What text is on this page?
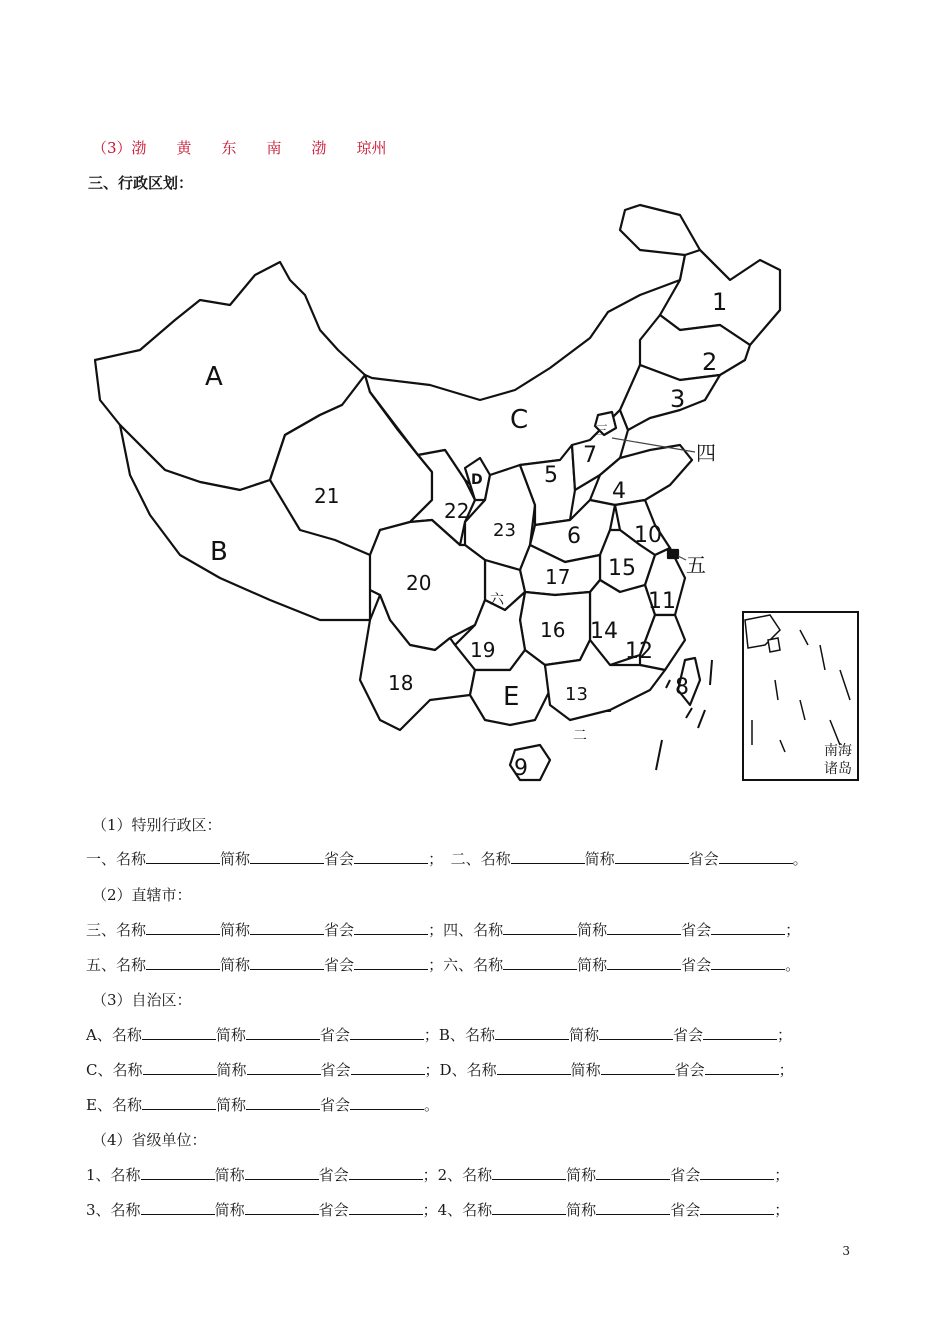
（3）渤　　黄　　东　　南　　渤　　琼州
三、行政区划：
南海
诸岛
A
B
C
D
E
1
2
3
4
5
6
7
8
9
10
11
12
13
14
15
16
17
18
19
20
21
22
23
三
四
五
六
一
二
（1）特别行政区：
一、名称	简称	省会	；　 二、名称	简称	省会	。
（2）直辖市：
三、名称	简称	省会	；四、名称	简称	省会	；
五、名称	简称	省会	；六、名称	简称	省会	。
（3）自治区：
A、名称	简称	省会	；B、名称	简称	省会	；
C、名称	简称	省会	；D、名称	简称	省会	；
E、名称	简称	省会	。
（4）省级单位：
1、名称	简称	省会	；2、名称	简称	省会	；
3、名称	简称	省会	；4、名称	简称	省会	；
3
